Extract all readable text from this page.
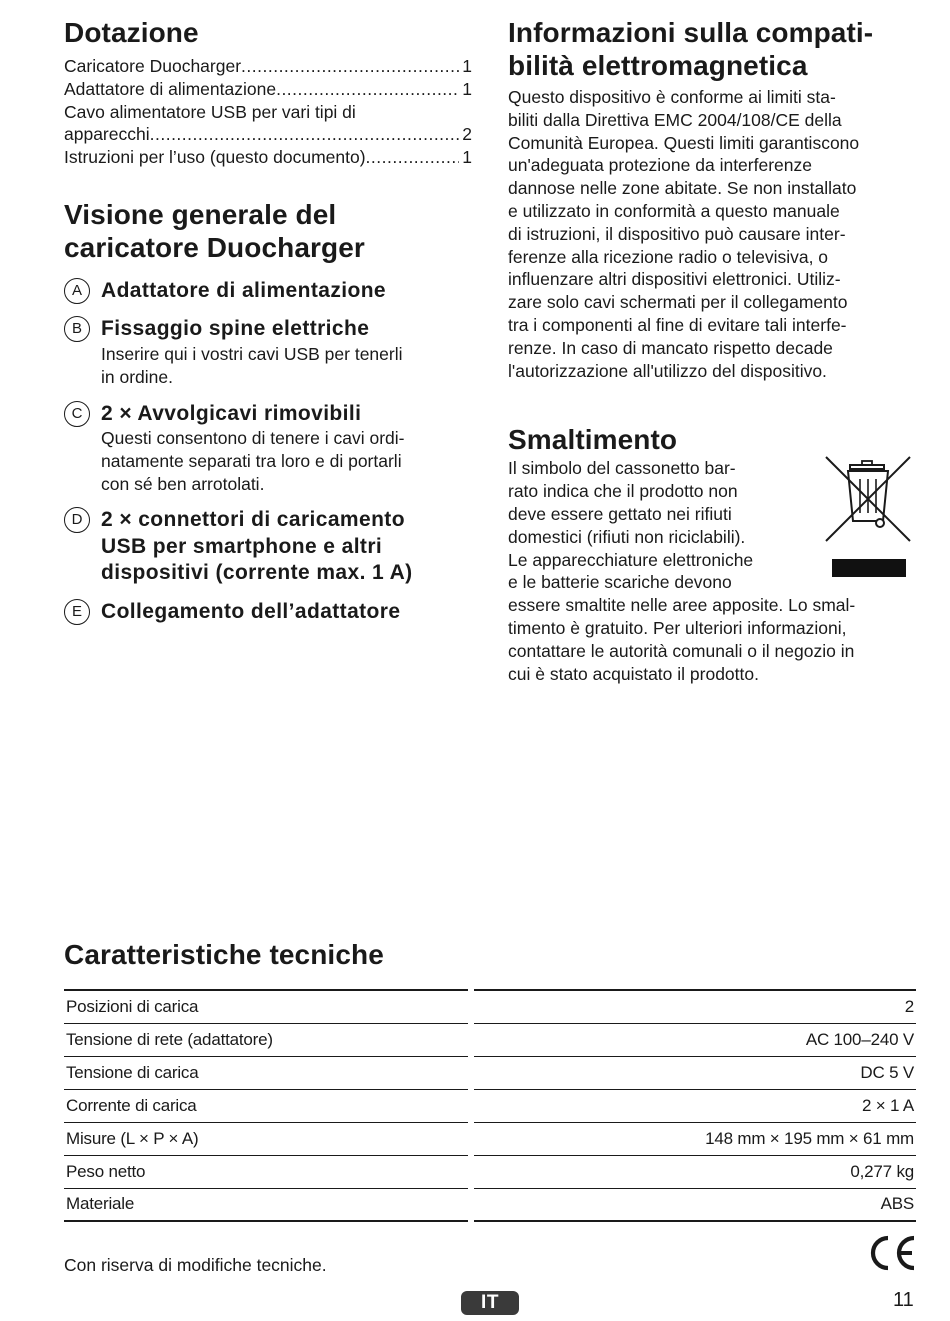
Dotazione
Caricatore Duocharger .....	1
Adattatore di alimentazione .....	1
Cavo alimentatore USB per vari tipi di
apparecchi .....	2
Istruzioni per l’uso (questo documento) .....	1
Visione generale del
caricatore Duocharger
A Adattatore di alimentazione
B Fissaggio spine elettriche
Inserire qui i vostri cavi USB per tenerli
in ordine.
C 2 × Avvolgicavi rimovibili
Questi consentono di tenere i cavi ordi-
natamente separati tra loro e di portarli
con sé ben arrotolati.
D 2 × connettori di caricamento
USB per smartphone e altri
dispositivi (corrente max. 1 A)
E Collegamento dell’adattatore
Informazioni sulla compati-
bilità elettromagnetica
Questo dispositivo è conforme ai limiti sta-
biliti dalla Direttiva EMC 2004/108/CE della
Comunità Europea. Questi limiti garantiscono
un'adeguata protezione da interferenze
dannose nelle zone abitate. Se non installato
e utilizzato in conformità a questo manuale
di istruzioni, il dispositivo può causare inter-
ferenze alla ricezione radio o televisiva, o
influenzare altri dispositivi elettronici. Utiliz-
zare solo cavi schermati per il collegamento
tra i componenti al fine di evitare tali interfe-
renze. In caso di mancato rispetto decade
l'autorizzazione all'utilizzo del dispositivo.
Smaltimento
Il simbolo del cassonetto bar-
rato indica che il prodotto non
deve essere gettato nei rifiuti
domestici (rifiuti non riciclabili).
Le apparecchiature elettroniche
e le batterie scariche devono
essere smaltite nelle aree apposite. Lo smal-
timento è gratuito. Per ulteriori informazioni,
contattare le autorità comunali o il negozio in
cui è stato acquistato il prodotto.
Caratteristiche tecniche
Posizioni di carica		2
Tensione di rete (adattatore)		AC 100–240 V
Tensione di carica		DC 5 V
Corrente di carica		2 × 1 A
Misure (L × P × A)		148 mm × 195 mm × 61 mm
Peso netto		0,277 kg
Materiale		ABS
Con riserva di modifiche tecniche.
IT	11
